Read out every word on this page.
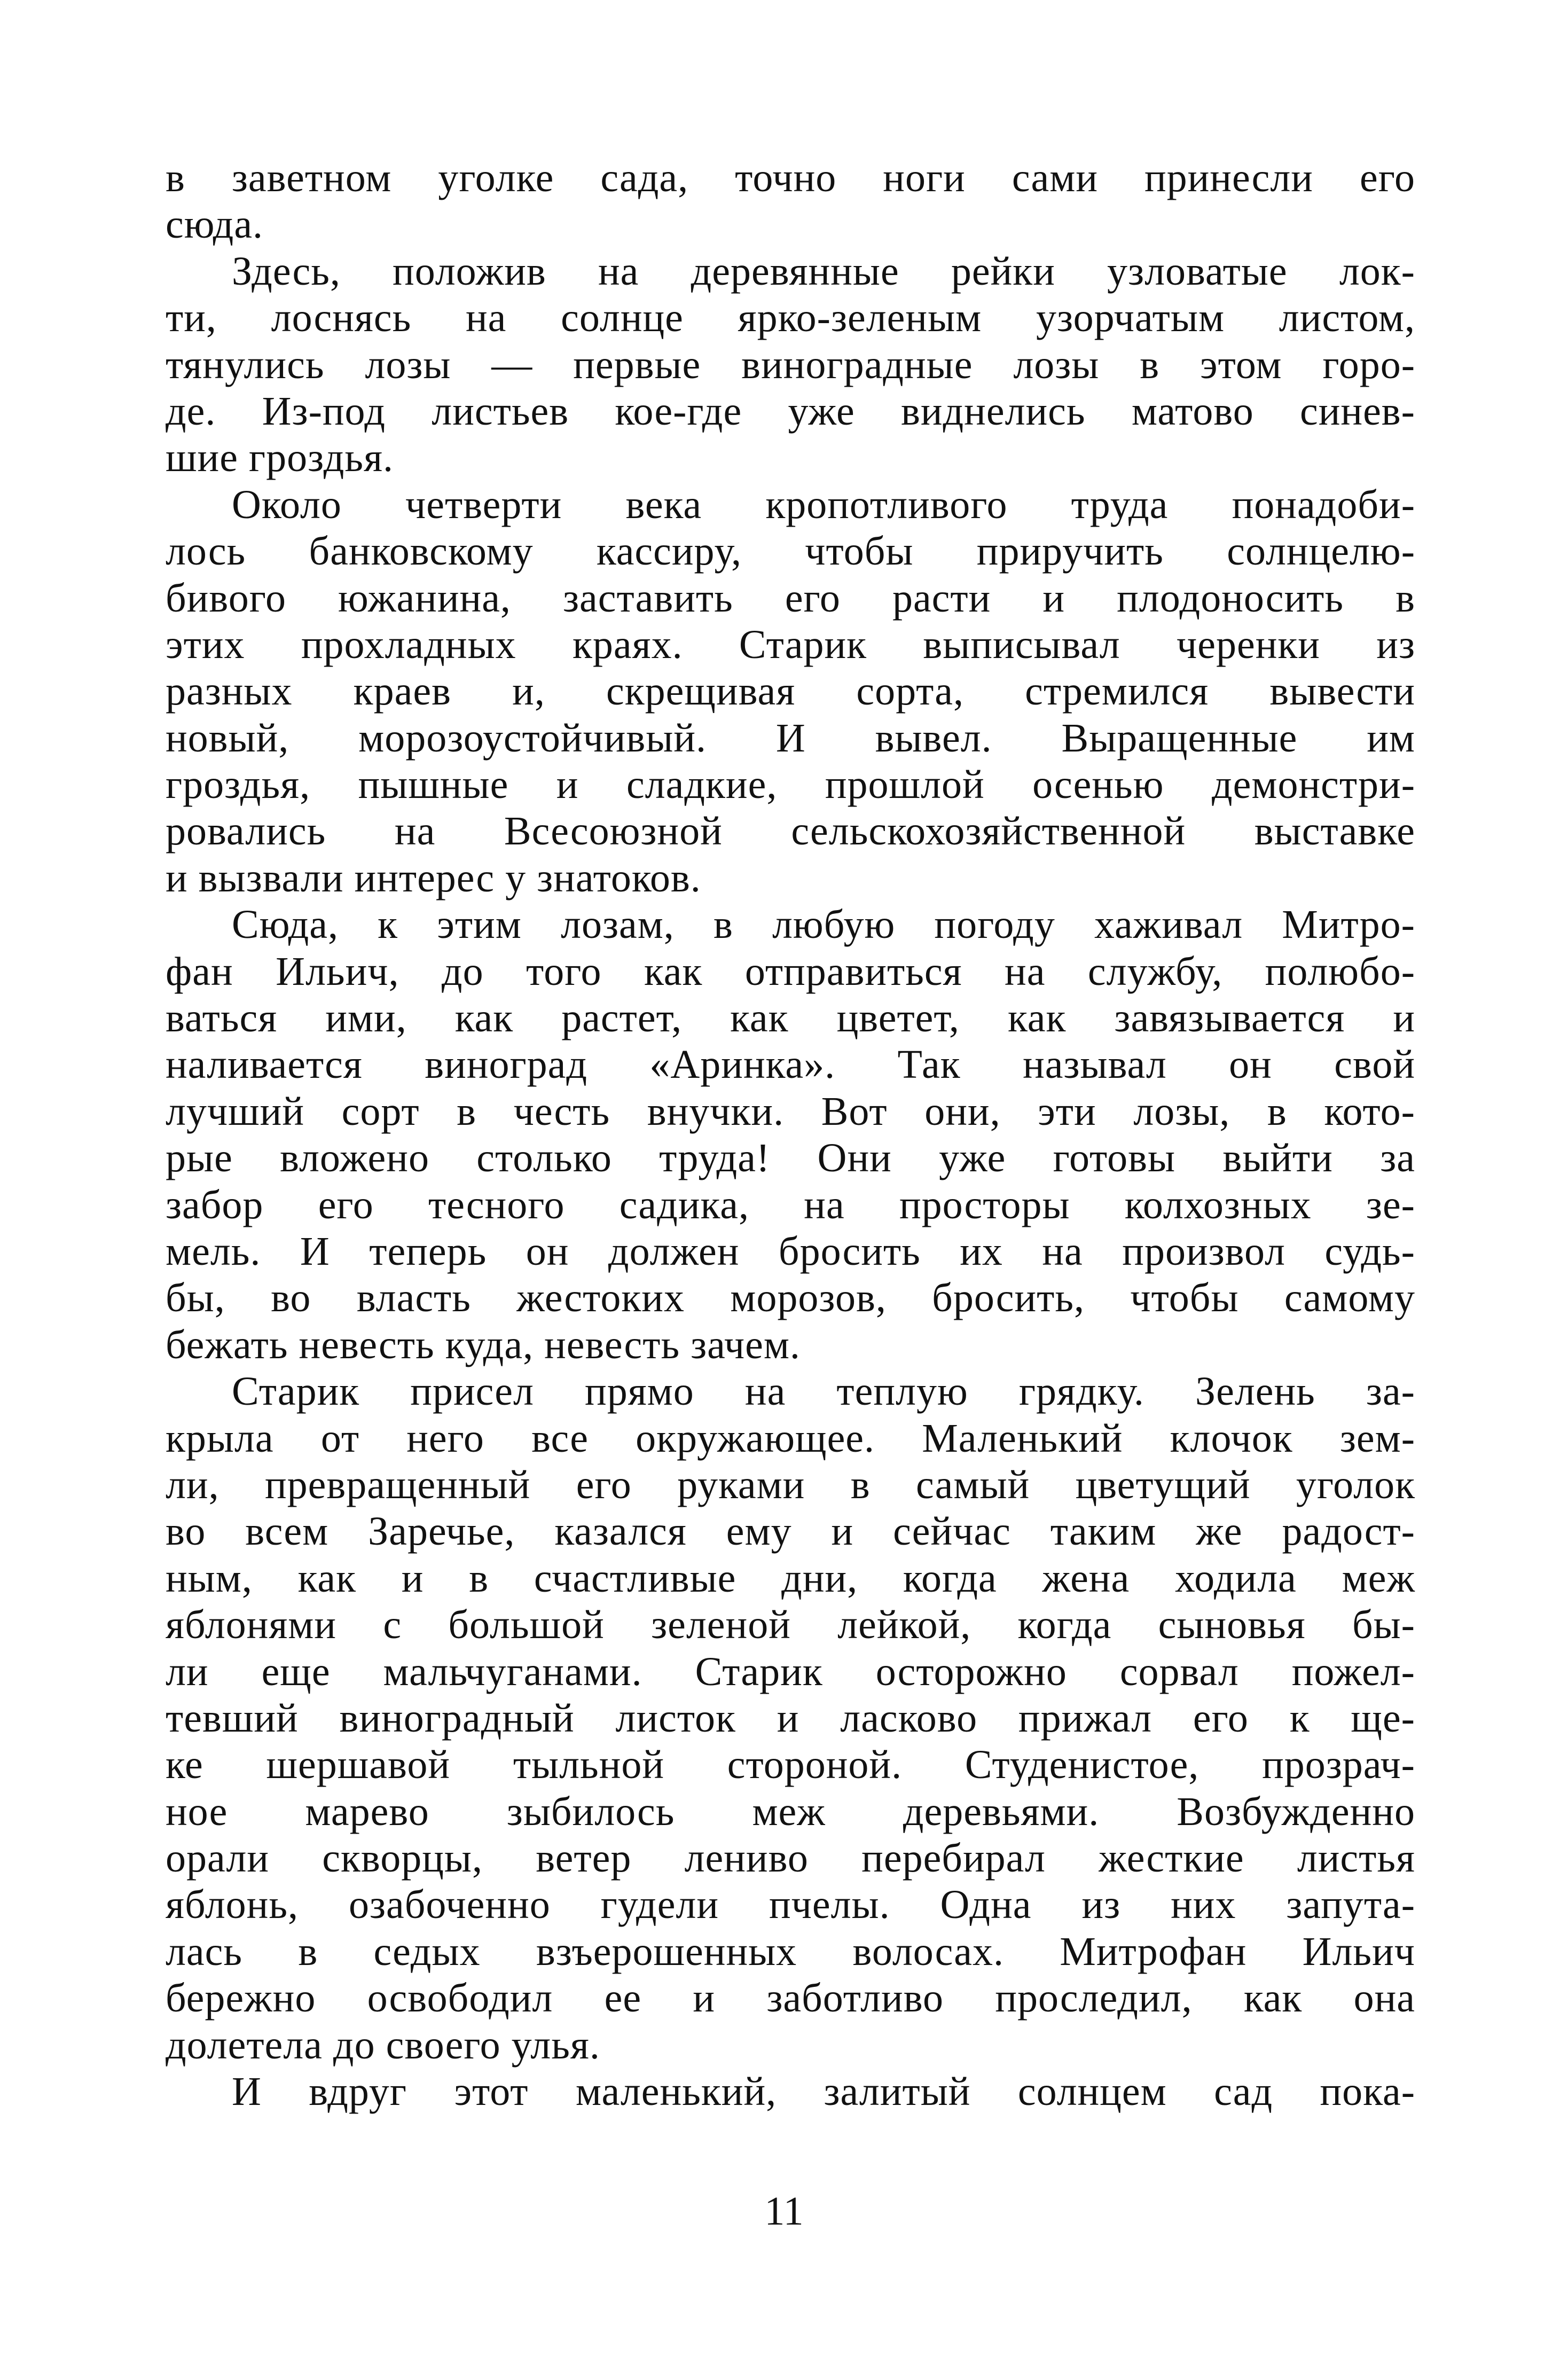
в заветном уголке сада, точно ноги сами принесли его
сюда.
Здесь, положив на деревянные рейки узловатые лок-
ти, лоснясь на солнце ярко-зеленым узорчатым листом,
тянулись лозы — первые виноградные лозы в этом горо-
де. Из-под листьев кое-где уже виднелись матово синев-
шие гроздья.
Около четверти века кропотливого труда понадоби-
лось банковскому кассиру, чтобы приручить солнцелю-
бивого южанина, заставить его расти и плодоносить в
этих прохладных краях. Старик выписывал черенки из
разных краев и, скрещивая сорта, стремился вывести
новый, морозоустойчивый. И вывел. Выращенные им
гроздья, пышные и сладкие, прошлой осенью демонстри-
ровались на Всесоюзной сельскохозяйственной выставке
и вызвали интерес у знатоков.
Сюда, к этим лозам, в любую погоду хаживал Митро-
фан Ильич, до того как отправиться на службу, полюбо-
ваться ими, как растет, как цветет, как завязывается и
наливается виноград «Аринка». Так называл он свой
лучший сорт в честь внучки. Вот они, эти лозы, в кото-
рые вложено столько труда! Они уже готовы выйти за
забор его тесного садика, на просторы колхозных зе-
мель. И теперь он должен бросить их на произвол судь-
бы, во власть жестоких морозов, бросить, чтобы самому
бежать невесть куда, невесть зачем.
Старик присел прямо на теплую грядку. Зелень за-
крыла от него все окружающее. Маленький клочок зем-
ли, превращенный его руками в самый цветущий уголок
во всем Заречье, казался ему и сейчас таким же радост-
ным, как и в счастливые дни, когда жена ходила меж
яблонями с большой зеленой лейкой, когда сыновья бы-
ли еще мальчуганами. Старик осторожно сорвал пожел-
тевший виноградный листок и ласково прижал его к ще-
ке шершавой тыльной стороной. Студенистое, прозрач-
ное марево зыбилось меж деревьями. Возбужденно
орали скворцы, ветер лениво перебирал жесткие листья
яблонь, озабоченно гудели пчелы. Одна из них запута-
лась в седых взъерошенных волосах. Митрофан Ильич
бережно освободил ее и заботливо проследил, как она
долетела до своего улья.
И вдруг этот маленький, залитый солнцем сад пока-
11
